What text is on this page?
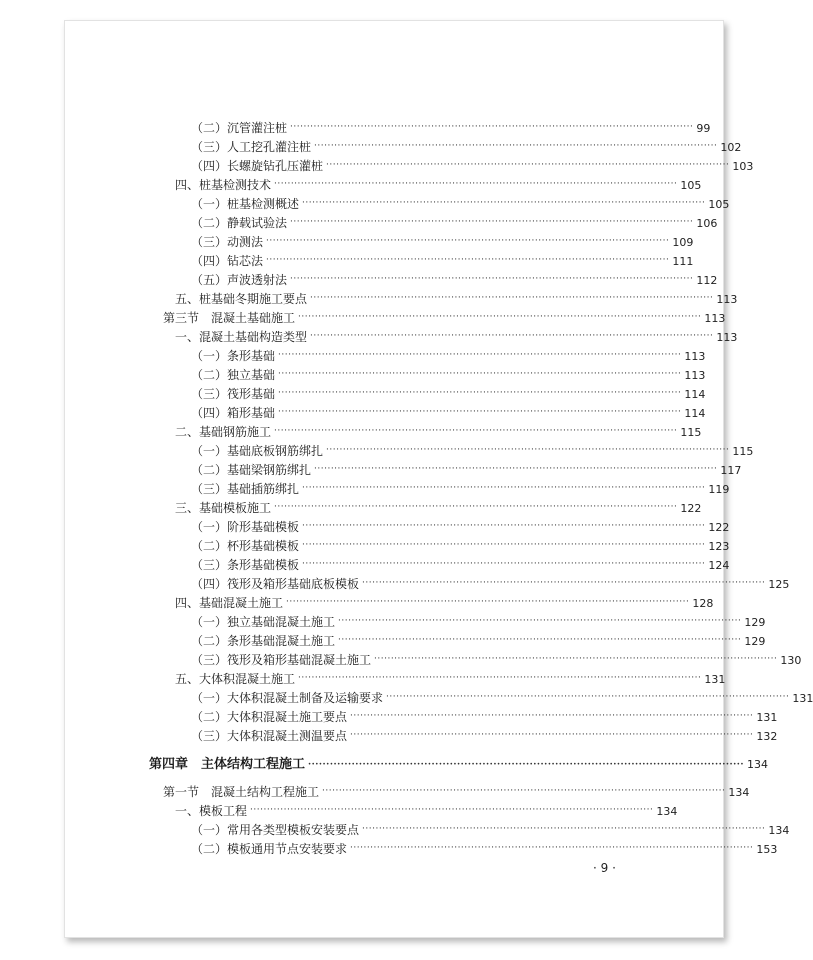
（二）沉管灌注桩 ························································································································ 99
（三）人工挖孔灌注桩 ························································································································ 102
（四）长螺旋钻孔压灌桩 ························································································································ 103
四、桩基检测技术 ························································································································ 105
（一）桩基检测概述 ························································································································ 105
（二）静载试验法 ························································································································ 106
（三）动测法 ························································································································ 109
（四）钻芯法 ························································································································ 111
（五）声波透射法 ························································································································ 112
五、桩基础冬期施工要点 ························································································································ 113
第三节　混凝土基础施工 ························································································································ 113
一、混凝土基础构造类型 ························································································································ 113
（一）条形基础 ························································································································ 113
（二）独立基础 ························································································································ 113
（三）筏形基础 ························································································································ 114
（四）箱形基础 ························································································································ 114
二、基础钢筋施工 ························································································································ 115
（一）基础底板钢筋绑扎 ························································································································ 115
（二）基础梁钢筋绑扎 ························································································································ 117
（三）基础插筋绑扎 ························································································································ 119
三、基础模板施工 ························································································································ 122
（一）阶形基础模板 ························································································································ 122
（二）杯形基础模板 ························································································································ 123
（三）条形基础模板 ························································································································ 124
（四）筏形及箱形基础底板模板 ························································································································ 125
四、基础混凝土施工 ························································································································ 128
（一）独立基础混凝土施工 ························································································································ 129
（二）条形基础混凝土施工 ························································································································ 129
（三）筏形及箱形基础混凝土施工 ························································································································ 130
五、大体积混凝土施工 ························································································································ 131
（一）大体积混凝土制备及运输要求 ························································································································ 131
（二）大体积混凝土施工要点 ························································································································ 131
（三）大体积混凝土测温要点 ························································································································ 132
第四章　主体结构工程施工 ························································································································ 134
第一节　混凝土结构工程施工 ························································································································ 134
一、模板工程 ························································································································ 134
（一）常用各类型模板安装要点 ························································································································ 134
（二）模板通用节点安装要求 ························································································································ 153
· 9 ·
